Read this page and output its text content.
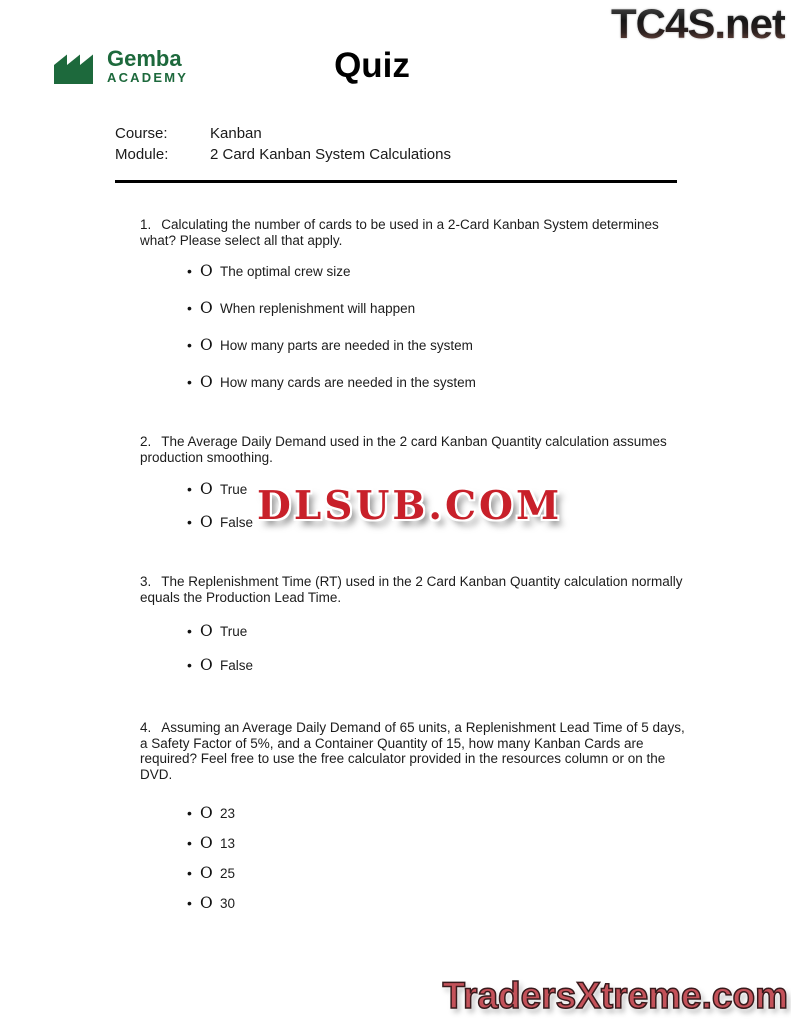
TC4S.net
Gemba
ACADEMY	Quiz
Course:	Kanban
Module:	2 Card Kanban System Calculations
1. Calculating the number of cards to be used in a 2-Card Kanban System determines what? Please select all that apply.
• O The optimal crew size
• O When replenishment will happen
• O How many parts are needed in the system
• O How many cards are needed in the system
2. The Average Daily Demand used in the 2 card Kanban Quantity calculation assumes production smoothing.
• O True
• O False
3. The Replenishment Time (RT) used in the 2 Card Kanban Quantity calculation normally equals the Production Lead Time.
• O True
• O False
4. Assuming an Average Daily Demand of 65 units, a Replenishment Lead Time of 5 days, a Safety Factor of 5%, and a Container Quantity of 15, how many Kanban Cards are required? Feel free to use the free calculator provided in the resources column or on the DVD.
• O 23
• O 13
• O 25
• O 30
DLSUB.COM
TradersXtreme.com
